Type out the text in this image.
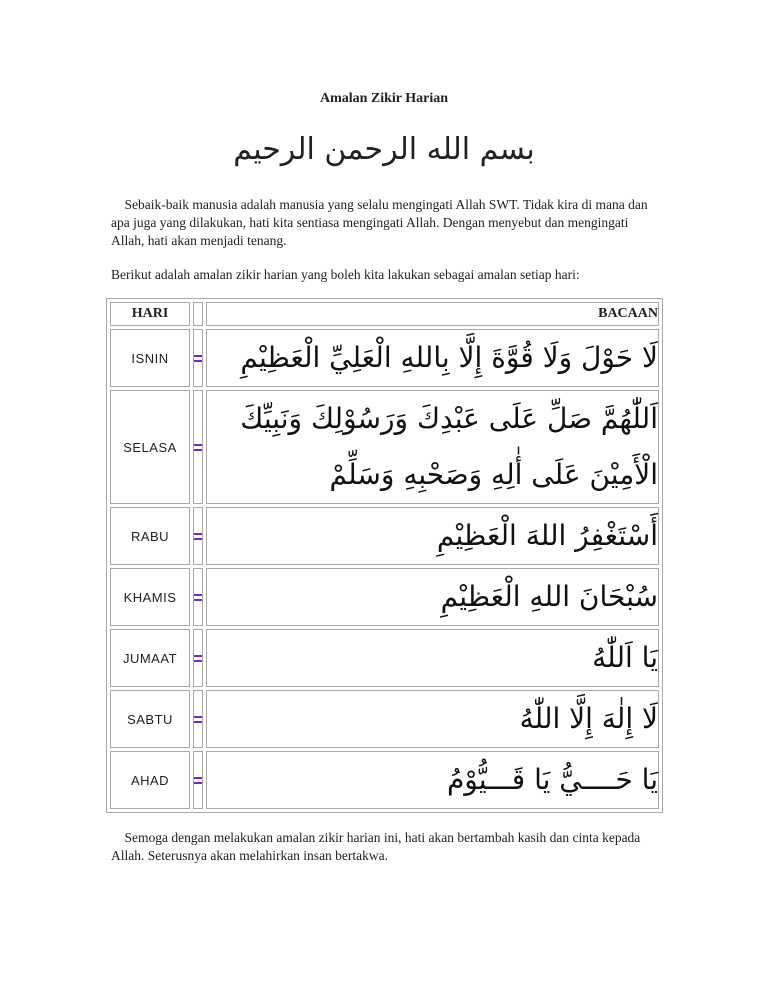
Amalan Zikir Harian
بسم الله الرحمن الرحيم
Sebaik-baik manusia adalah manusia yang selalu mengingati Allah SWT. Tidak kira di mana dan apa juga yang dilakukan, hati kita sentiasa mengingati Allah. Dengan menyebut dan mengingati Allah, hati akan menjadi tenang.
Berikut adalah amalan zikir harian yang boleh kita lakukan sebagai amalan setiap hari:
HARI		BACAAN
ISNIN		لَا حَوْلَ وَلَا قُوَّةَ إِلَّا بِاللهِ الْعَلِيِّ الْعَظِيْمِ
SELASA		اَللّٰهُمَّ صَلِّ عَلَى عَبْدِكَ وَرَسُوْلِكَ وَنَبِيِّكَ الْأَمِيْنَ عَلَى أٰلِهِ وَصَحْبِهِ وَسَلِّمْ
RABU		أَسْتَغْفِرُ اللهَ الْعَظِيْمِ
KHAMIS		سُبْحَانَ اللهِ الْعَظِيْمِ
JUMAAT		يَا اَللّٰهُ
SABTU		لَا إِلٰهَ إِلَّا اللّٰهُ
AHAD		يَا حَــــيُّ يَا قَـــيُّوْمُ
Semoga dengan melakukan amalan zikir harian ini, hati akan bertambah kasih dan cinta kepada Allah. Seterusnya akan melahirkan insan bertakwa.
